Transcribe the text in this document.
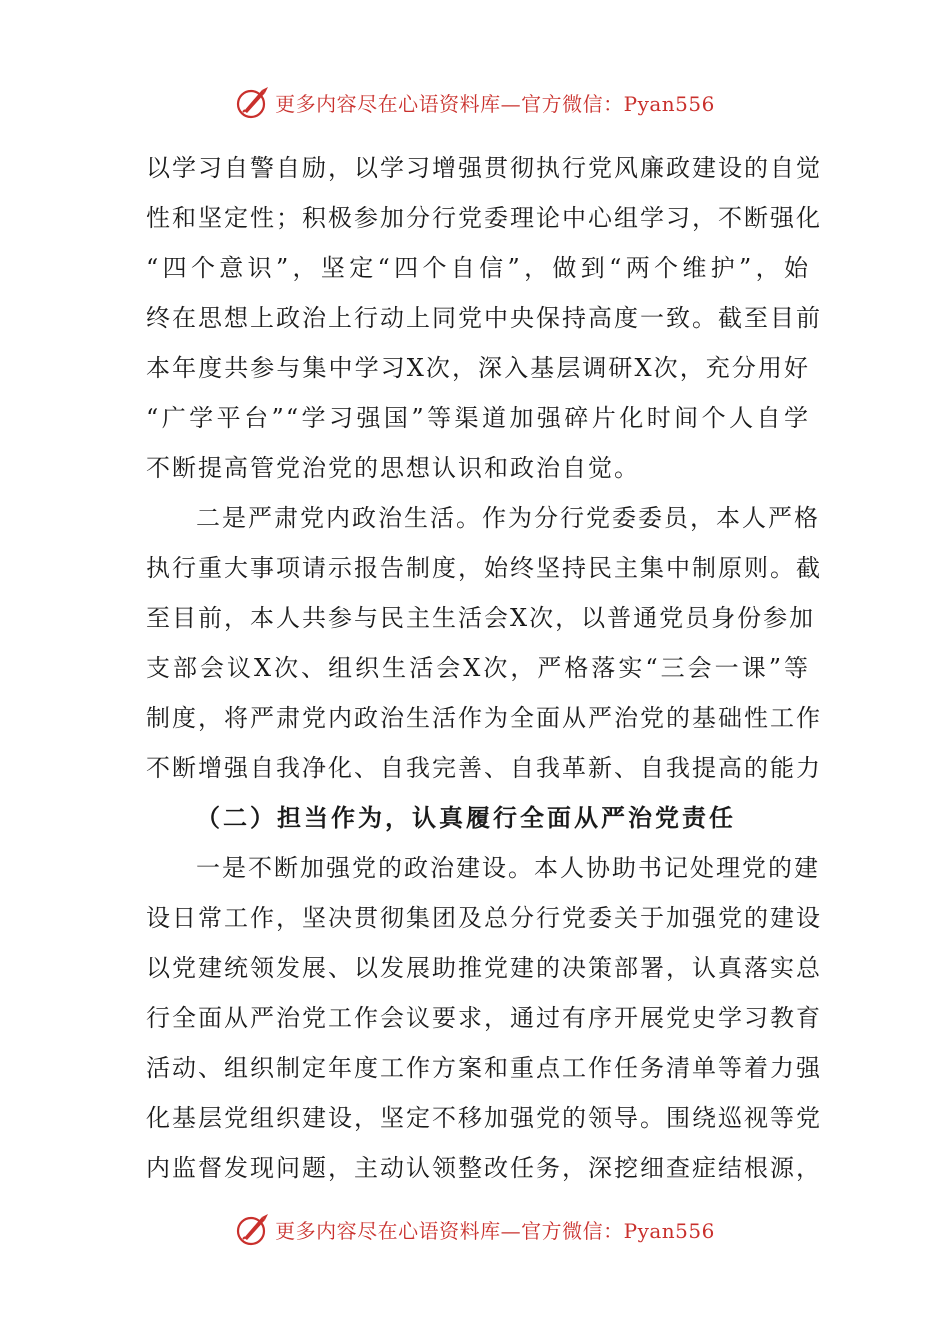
更多内容尽在心语资料库—官方微信：Pyan556
以学习自警自励，以学习增强贯彻执行党风廉政建设的自觉
性和坚定性；积极参加分行党委理论中心组学习，不断强化
“四个意识”，坚定“四个自信”，做到“两个维护”，始
终在思想上政治上行动上同党中央保持高度一致。截至目前
本年度共参与集中学习X次，深入基层调研X次，充分用好
“广学平台”“学习强国”等渠道加强碎片化时间个人自学
不断提高管党治党的思想认识和政治自觉。
二是严肃党内政治生活。作为分行党委委员，本人严格
执行重大事项请示报告制度，始终坚持民主集中制原则。截
至目前，本人共参与民主生活会X次，以普通党员身份参加
支部会议X次、组织生活会X次，严格落实“三会一课”等
制度，将严肃党内政治生活作为全面从严治党的基础性工作
不断增强自我净化、自我完善、自我革新、自我提高的能力
（二）担当作为，认真履行全面从严治党责任
一是不断加强党的政治建设。本人协助书记处理党的建
设日常工作，坚决贯彻集团及总分行党委关于加强党的建设
以党建统领发展、以发展助推党建的决策部署，认真落实总
行全面从严治党工作会议要求，通过有序开展党史学习教育
活动、组织制定年度工作方案和重点工作任务清单等着力强
化基层党组织建设，坚定不移加强党的领导。围绕巡视等党
内监督发现问题，主动认领整改任务，深挖细查症结根源，
更多内容尽在心语资料库—官方微信：Pyan556
